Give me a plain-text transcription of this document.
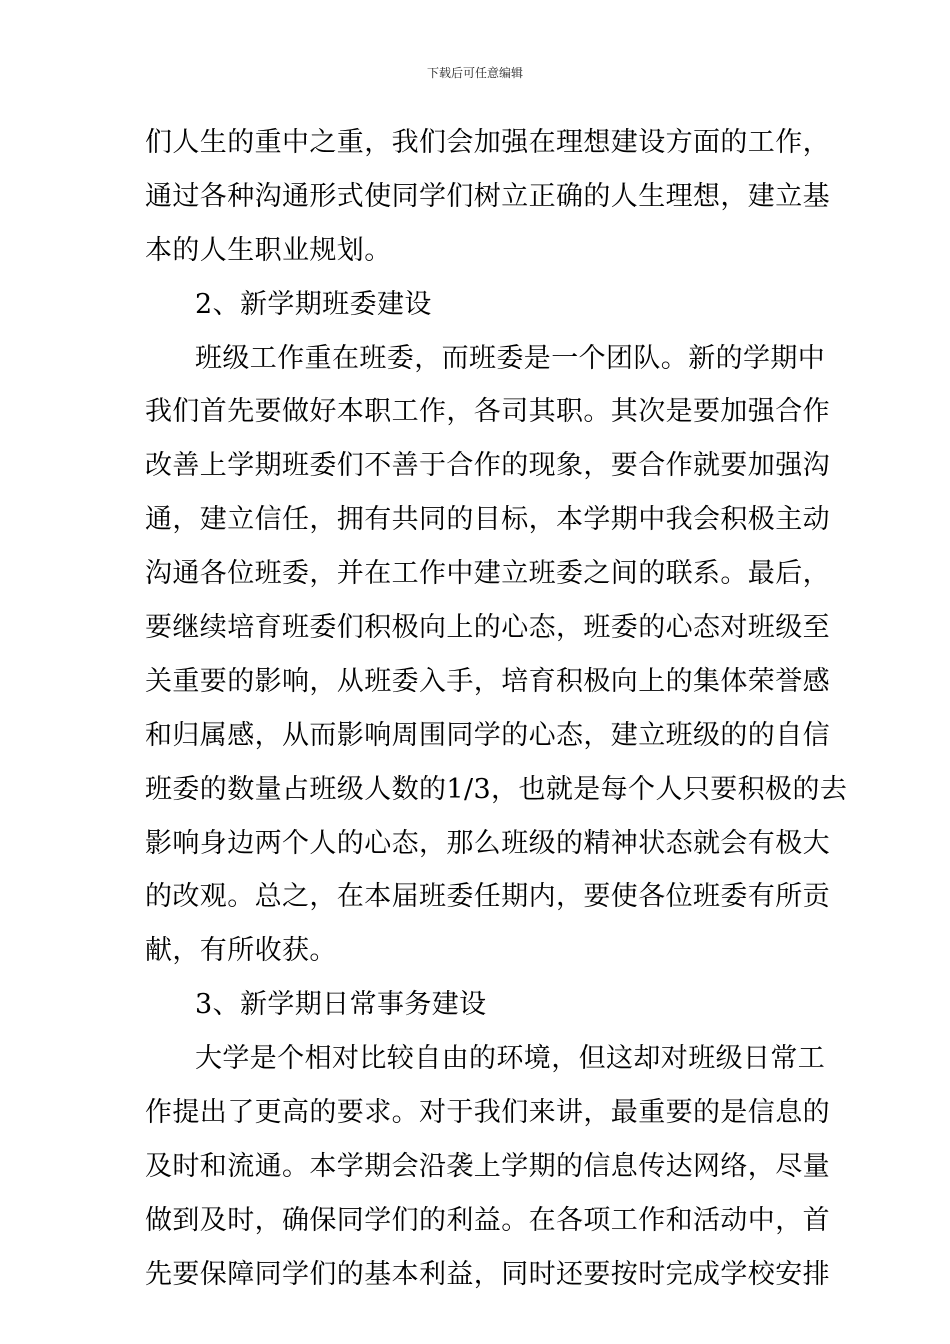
下载后可任意编辑
们人生的重中之重，我们会加强在理想建设方面的工作，
通过各种沟通形式使同学们树立正确的人生理想，建立基
本的人生职业规划。
2、新学期班委建设
班级工作重在班委，而班委是一个团队。新的学期中
我们首先要做好本职工作，各司其职。其次是要加强合作
改善上学期班委们不善于合作的现象，要合作就要加强沟
通，建立信任，拥有共同的目标，本学期中我会积极主动
沟通各位班委，并在工作中建立班委之间的联系。最后，
要继续培育班委们积极向上的心态，班委的心态对班级至
关重要的影响，从班委入手，培育积极向上的集体荣誉感
和归属感，从而影响周围同学的心态，建立班级的的自信
班委的数量占班级人数的1/3，也就是每个人只要积极的去
影响身边两个人的心态，那么班级的精神状态就会有极大
的改观。总之，在本届班委任期内，要使各位班委有所贡
献，有所收获。
3、新学期日常事务建设
大学是个相对比较自由的环境，但这却对班级日常工
作提出了更高的要求。对于我们来讲，最重要的是信息的
及时和流通。本学期会沿袭上学期的信息传达网络，尽量
做到及时，确保同学们的利益。在各项工作和活动中，首
先要保障同学们的基本利益，同时还要按时完成学校安排
